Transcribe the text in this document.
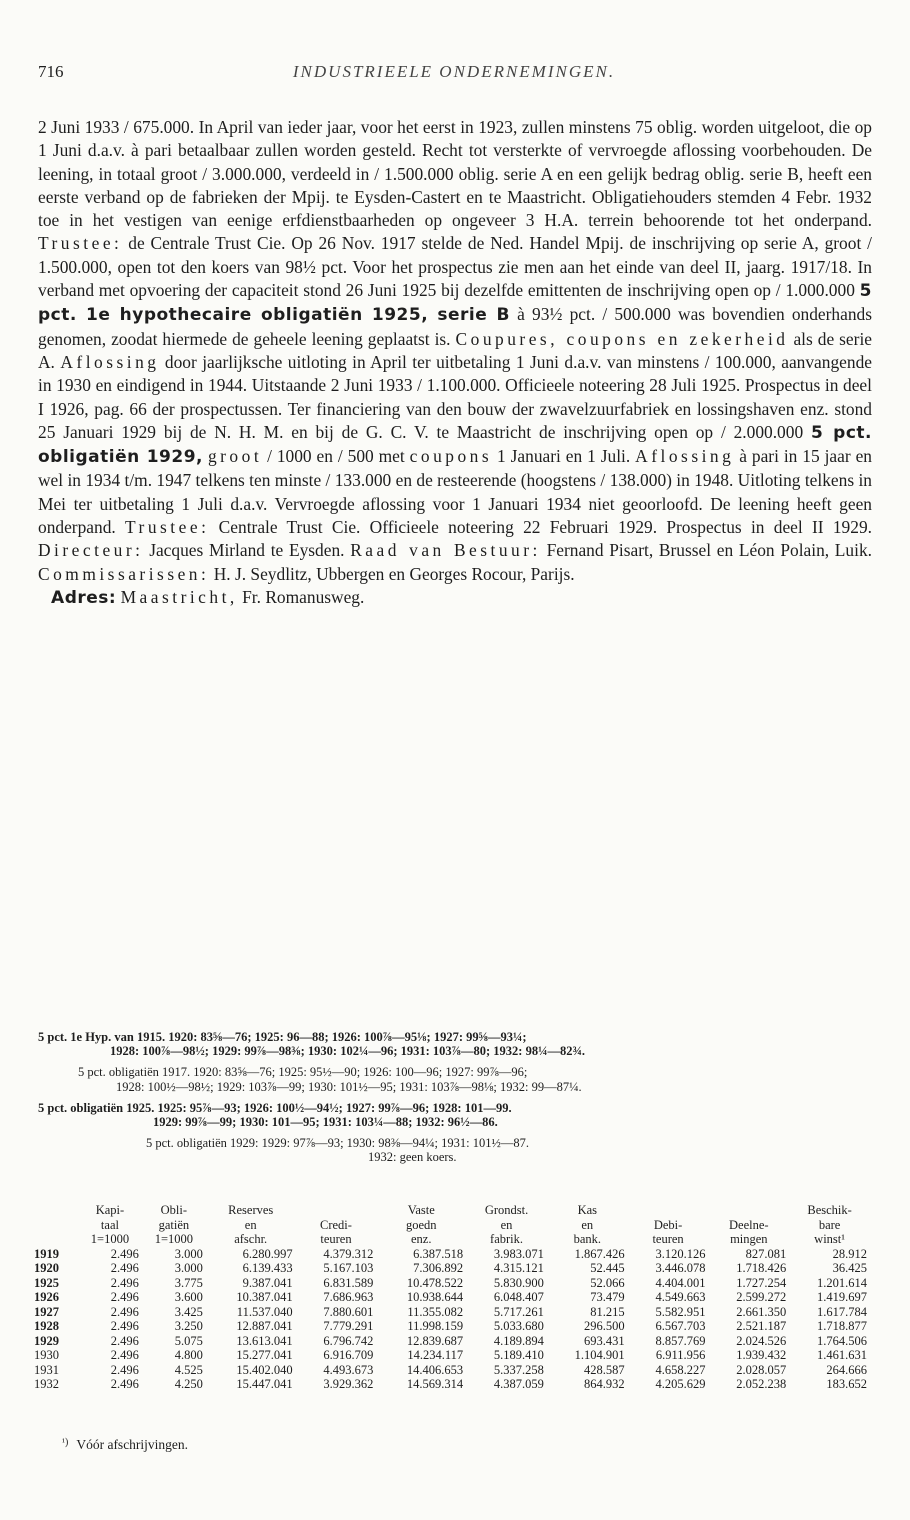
716	INDUSTRIEELE ONDERNEMINGEN.

2 Juni 1933 / 675.000. In April van ieder jaar, voor het eerst in 1923, zullen minstens 75 oblig. worden uitgeloot, die op 1 Juni d.a.v. à pari betaalbaar zullen worden gesteld. Recht tot versterkte of vervroegde aflossing voorbehouden. De leening, in totaal groot / 3.000.000, verdeeld in / 1.500.000 oblig. serie A en een gelijk bedrag oblig. serie B, heeft een eerste verband op de fabrieken der Mpij. te Eysden-Castert en te Maastricht. Obligatiehouders stemden 4 Febr. 1932 toe in het vestigen van eenige erfdienstbaarheden op ongeveer 3 H.A. terrein behoorende tot het onderpand. Trustee: de Centrale Trust Cie. Op 26 Nov. 1917 stelde de Ned. Handel Mpij. de inschrijving op serie A, groot / 1.500.000, open tot den koers van 98½ pct. Voor het prospectus zie men aan het einde van deel II, jaarg. 1917/18. In verband met opvoering der capaciteit stond 26 Juni 1925 bij dezelfde emittenten de inschrijving open op / 1.000.000 5 pct. 1e hypothecaire obligatiën 1925, serie B à 93½ pct. / 500.000 was bovendien onderhands genomen, zoodat hiermede de geheele leening geplaatst is. Coupures, coupons en zekerheid als de serie A. Aflossing door jaarlijksche uitloting in April ter uitbetaling 1 Juni d.a.v. van minstens / 100.000, aanvangende in 1930 en eindigend in 1944. Uitstaande 2 Juni 1933 / 1.100.000. Officieele noteering 28 Juli 1925. Prospectus in deel I 1926, pag. 66 der prospectussen. Ter financiering van den bouw der zwavelzuurfabriek en lossingshaven enz. stond 25 Januari 1929 bij de N. H. M. en bij de G. C. V. te Maastricht de inschrijving open op / 2.000.000 5 pct. obligatiën 1929, groot / 1000 en / 500 met coupons 1 Januari en 1 Juli. Aflossing à pari in 15 jaar en wel in 1934 t/m. 1947 telkens ten minste / 133.000 en de resteerende (hoogstens / 138.000) in 1948. Uitloting telkens in Mei ter uitbetaling 1 Juli d.a.v. Vervroegde aflossing voor 1 Januari 1934 niet geoorloofd. De leening heeft geen onderpand. Trustee: Centrale Trust Cie. Officieele noteering 22 Februari 1929. Prospectus in deel II 1929. Directeur: Jacques Mirland te Eysden. Raad van Bestuur: Fernand Pisart, Brussel en Léon Polain, Luik. Commissarissen: H. J. Seydlitz, Ubbergen en Georges Rocour, Parijs.

Adres: Maastricht, Fr. Romanusweg.

5 pct. 1e Hyp. van 1915. 1920: 83⅝—76; 1925: 96—88; 1926: 100⅞—95⅛; 1927: 99⅝—93¼;
1928: 100⅞—98½; 1929: 99⅞—98⅜; 1930: 102¼—96; 1931: 103⅞—80; 1932: 98¼—82¾.
5 pct. obligatiën 1917. 1920: 83⅝—76; 1925: 95½—90; 1926: 100—96; 1927: 99⅞—96;
1928: 100½—98½; 1929: 103⅞—99; 1930: 101½—95; 1931: 103⅞—98⅛; 1932: 99—87¼.
5 pct. obligatiën 1925. 1925: 95⅞—93; 1926: 100½—94½; 1927: 99⅞—96; 1928: 101—99.
1929: 99⅞—99; 1930: 101—95; 1931: 103¼—88; 1932: 96½—86.
5 pct. obligatiën 1929: 1929: 97⅞—93; 1930: 98⅜—94¼; 1931: 101½—87.
1932: geen koers.
	Kapi-	Obli-	Reserves		Vaste	Grondst.	Kas			Beschik-
	taal	gatiën	en	Credi-	goedn	en	en	Debi-	Deelne-	bare
	1=1000	1=1000	afschr.	teuren	enz.	fabrik.	bank.	teuren	mingen	winst¹
1919	2.496	3.000	6.280.997	4.379.312	6.387.518	3.983.071	1.867.426	3.120.126	827.081	28.912
1920	2.496	3.000	6.139.433	5.167.103	7.306.892	4.315.121	52.445	3.446.078	1.718.426	36.425
1925	2.496	3.775	9.387.041	6.831.589	10.478.522	5.830.900	52.066	4.404.001	1.727.254	1.201.614
1926	2.496	3.600	10.387.041	7.686.963	10.938.644	6.048.407	73.479	4.549.663	2.599.272	1.419.697
1927	2.496	3.425	11.537.040	7.880.601	11.355.082	5.717.261	81.215	5.582.951	2.661.350	1.617.784
1928	2.496	3.250	12.887.041	7.779.291	11.998.159	5.033.680	296.500	6.567.703	2.521.187	1.718.877
1929	2.496	5.075	13.613.041	6.796.742	12.839.687	4.189.894	693.431	8.857.769	2.024.526	1.764.506
1930	2.496	4.800	15.277.041	6.916.709	14.234.117	5.189.410	1.104.901	6.911.956	1.939.432	1.461.631
1931	2.496	4.525	15.402.040	4.493.673	14.406.653	5.337.258	428.587	4.658.227	2.028.057	264.666
1932	2.496	4.250	15.447.041	3.929.362	14.569.314	4.387.059	864.932	4.205.629	2.052.238	183.652
$^{^1)}$ Vóór afschrijvingen.
